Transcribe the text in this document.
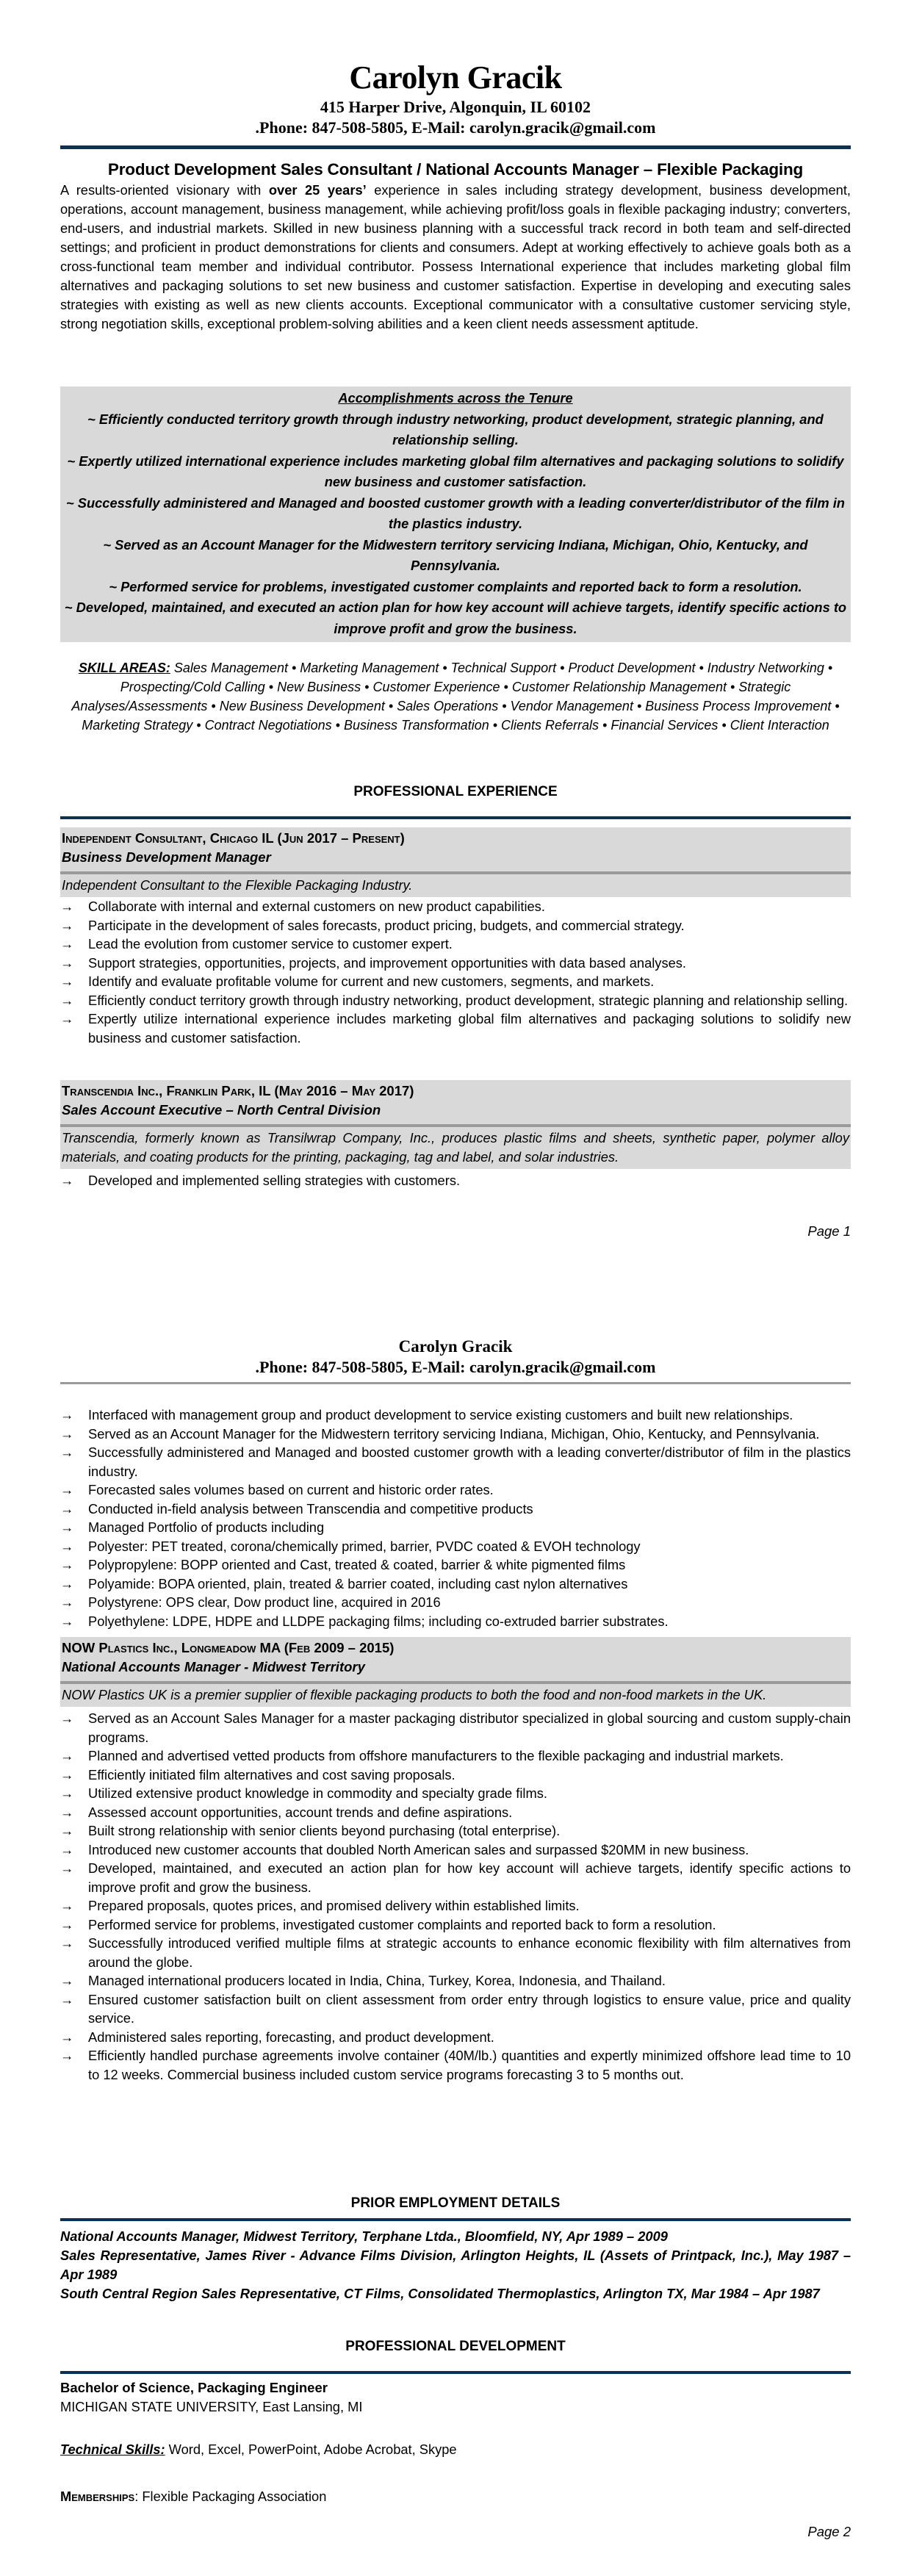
Carolyn Gracik
415 Harper Drive, Algonquin, IL 60102
.Phone: 847-508-5805, E-Mail: carolyn.gracik@gmail.com
Product Development Sales Consultant / National Accounts Manager – Flexible Packaging
A results-oriented visionary with over 25 years’ experience in sales including strategy development, business development, operations, account management, business management, while achieving profit/loss goals in flexible packaging industry; converters, end-users, and industrial markets. Skilled in new business planning with a successful track record in both team and self-directed settings; and proficient in product demonstrations for clients and consumers. Adept at working effectively to achieve goals both as a cross-functional team member and individual contributor. Possess International experience that includes marketing global film alternatives and packaging solutions to set new business and customer satisfaction. Expertise in developing and executing sales strategies with existing as well as new clients accounts. Exceptional communicator with a consultative customer servicing style, strong negotiation skills, exceptional problem-solving abilities and a keen client needs assessment aptitude.
Accomplishments across the Tenure
~ Efficiently conducted territory growth through industry networking, product development, strategic planning, and relationship selling.
~ Expertly utilized international experience includes marketing global film alternatives and packaging solutions to solidify new business and customer satisfaction.
~ Successfully administered and Managed and boosted customer growth with a leading converter/distributor of the film in the plastics industry.
~ Served as an Account Manager for the Midwestern territory servicing Indiana, Michigan, Ohio, Kentucky, and Pennsylvania.
~ Performed service for problems, investigated customer complaints and reported back to form a resolution.
~ Developed, maintained, and executed an action plan for how key account will achieve targets, identify specific actions to improve profit and grow the business.
SKILL AREAS: Sales Management • Marketing Management • Technical Support • Product Development • Industry Networking • Prospecting/Cold Calling • New Business • Customer Experience • Customer Relationship Management • Strategic Analyses/Assessments • New Business Development • Sales Operations • Vendor Management • Business Process Improvement • Marketing Strategy • Contract Negotiations • Business Transformation • Clients Referrals • Financial Services • Client Interaction
PROFESSIONAL EXPERIENCE
Independent Consultant, Chicago IL (Jun 2017 – Present)
Business Development Manager
Independent Consultant to the Flexible Packaging Industry.
→	Collaborate with internal and external customers on new product capabilities.
→	Participate in the development of sales forecasts, product pricing, budgets, and commercial strategy.
→	Lead the evolution from customer service to customer expert.
→	Support strategies, opportunities, projects, and improvement opportunities with data based analyses.
→	Identify and evaluate profitable volume for current and new customers, segments, and markets.
→	Efficiently conduct territory growth through industry networking, product development, strategic planning and relationship selling.
→	Expertly utilize international experience includes marketing global film alternatives and packaging solutions to solidify new business and customer satisfaction.
Transcendia Inc., Franklin Park, IL (May 2016 – May 2017)
Sales Account Executive – North Central Division
Transcendia, formerly known as Transilwrap Company, Inc., produces plastic films and sheets, synthetic paper, polymer alloy materials, and coating products for the printing, packaging, tag and label, and solar industries.
→	Developed and implemented selling strategies with customers.
Page 1
Carolyn Gracik
.Phone: 847-508-5805, E-Mail: carolyn.gracik@gmail.com
→	Interfaced with management group and product development to service existing customers and built new relationships.
→	Served as an Account Manager for the Midwestern territory servicing Indiana, Michigan, Ohio, Kentucky, and Pennsylvania.
→	Successfully administered and Managed and boosted customer growth with a leading converter/distributor of film in the plastics industry.
→	Forecasted sales volumes based on current and historic order rates.
→	Conducted in-field analysis between Transcendia and competitive products
→	Managed Portfolio of products including
→	Polyester: PET treated, corona/chemically primed, barrier, PVDC coated & EVOH technology
→	Polypropylene: BOPP oriented and Cast, treated & coated, barrier & white pigmented films
→	Polyamide: BOPA oriented, plain, treated & barrier coated, including cast nylon alternatives
→	Polystyrene: OPS clear, Dow product line, acquired in 2016
→	Polyethylene: LDPE, HDPE and LLDPE packaging films; including co-extruded barrier substrates.
NOW Plastics Inc., Longmeadow MA (Feb 2009 – 2015)
National Accounts Manager - Midwest Territory
NOW Plastics UK is a premier supplier of flexible packaging products to both the food and non-food markets in the UK.
→	Served as an Account Sales Manager for a master packaging distributor specialized in global sourcing and custom supply-chain programs.
→	Planned and advertised vetted products from offshore manufacturers to the flexible packaging and industrial markets.
→	Efficiently initiated film alternatives and cost saving proposals.
→	Utilized extensive product knowledge in commodity and specialty grade films.
→	Assessed account opportunities, account trends and define aspirations.
→	Built strong relationship with senior clients beyond purchasing (total enterprise).
→	Introduced new customer accounts that doubled North American sales and surpassed $20MM in new business.
→	Developed, maintained, and executed an action plan for how key account will achieve targets, identify specific actions to improve profit and grow the business.
→	Prepared proposals, quotes prices, and promised delivery within established limits.
→	Performed service for problems, investigated customer complaints and reported back to form a resolution.
→	Successfully introduced verified multiple films at strategic accounts to enhance economic flexibility with film alternatives from around the globe.
→	Managed international producers located in India, China, Turkey, Korea, Indonesia, and Thailand.
→	Ensured customer satisfaction built on client assessment from order entry through logistics to ensure value, price and quality service.
→	Administered sales reporting, forecasting, and product development.
→	Efficiently handled purchase agreements involve container (40M/lb.) quantities and expertly minimized offshore lead time to 10 to 12 weeks. Commercial business included custom service programs forecasting 3 to 5 months out.
PRIOR EMPLOYMENT DETAILS
National Accounts Manager, Midwest Territory, Terphane Ltda., Bloomfield, NY, Apr 1989 – 2009
Sales Representative, James River - Advance Films Division, Arlington Heights, IL (Assets of Printpack, Inc.), May 1987 – Apr 1989
South Central Region Sales Representative, CT Films, Consolidated Thermoplastics, Arlington TX, Mar 1984 – Apr 1987
PROFESSIONAL DEVELOPMENT
Bachelor of Science, Packaging Engineer
MICHIGAN STATE UNIVERSITY, East Lansing, MI
Technical Skills: Word, Excel, PowerPoint, Adobe Acrobat, Skype
Memberships: Flexible Packaging Association
Page 2
